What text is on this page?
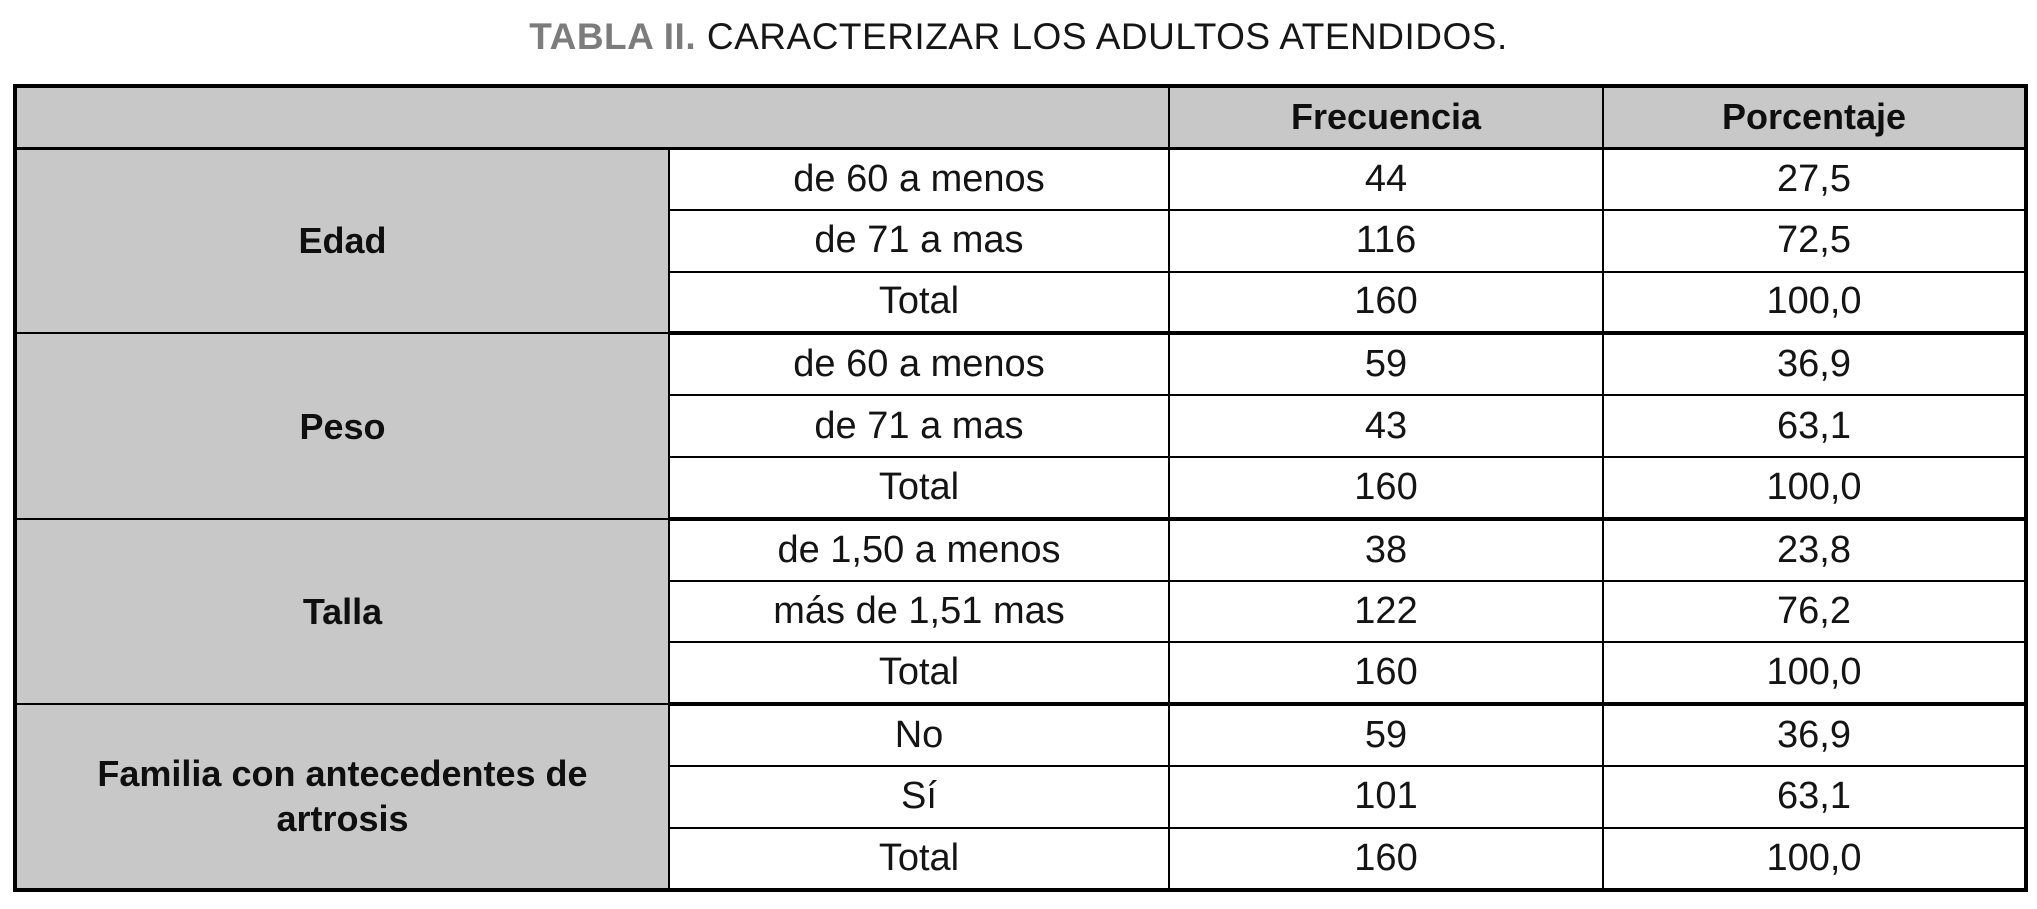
TABLA II. CARACTERIZAR LOS ADULTOS ATENDIDOS.
		Frecuencia	Porcentaje

Edad	de 60 a menos	44	27,5
	de 71 a mas	116	72,5
	Total	160	100,0

Peso	de 60 a menos	59	36,9
	de 71 a mas	43	63,1
	Total	160	100,0

Talla	de 1,50 a menos	38	23,8
	más de 1,51 mas	122	76,2
	Total	160	100,0

Familia con antecedentes de artrosis	No	59	36,9
	Sí	101	63,1
	Total	160	100,0
